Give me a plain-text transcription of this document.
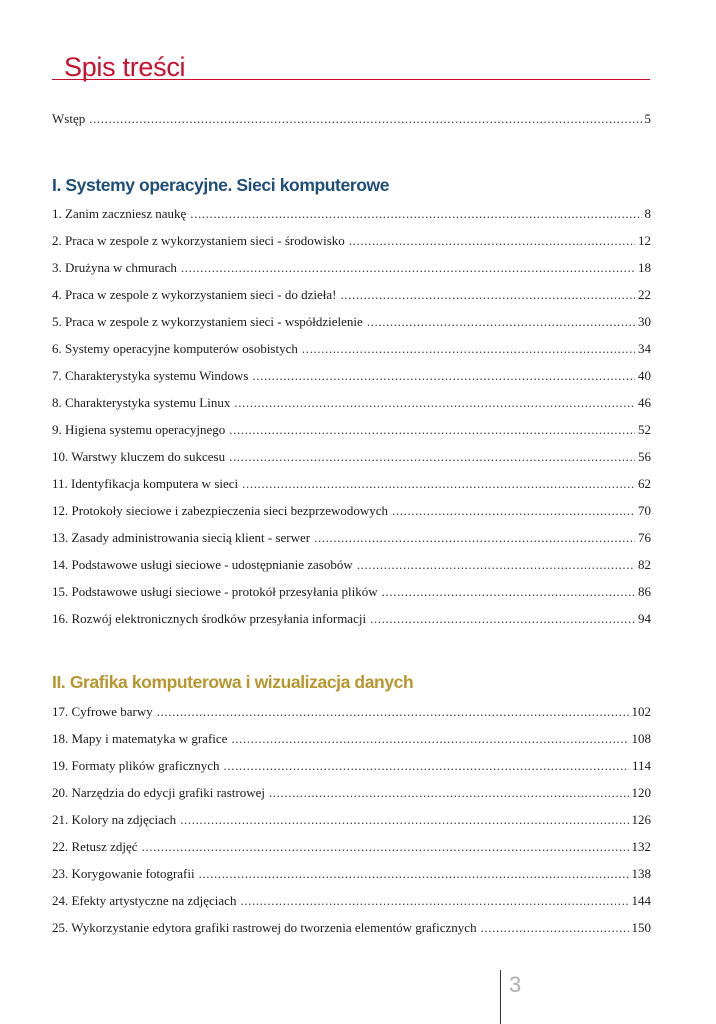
Spis treści
Wstęp .....	5
I. Systemy operacyjne. Sieci komputerowe
1. Zanim zaczniesz naukę .....	8
2. Praca w zespole z wykorzystaniem sieci - środowisko .....	12
3. Drużyna w chmurach .....	18
4. Praca w zespole z wykorzystaniem sieci - do dzieła! .....	22
5. Praca w zespole z wykorzystaniem sieci - współdzielenie .....	30
6. Systemy operacyjne komputerów osobistych .....	34
7. Charakterystyka systemu Windows .....	40
8. Charakterystyka systemu Linux .....	46
9. Higiena systemu operacyjnego .....	52
10. Warstwy kluczem do sukcesu .....	56
11. Identyfikacja komputera w sieci .....	62
12. Protokoły sieciowe i zabezpieczenia sieci bezprzewodowych .....	70
13. Zasady administrowania siecią klient - serwer .....	76
14. Podstawowe usługi sieciowe - udostępnianie zasobów .....	82
15. Podstawowe usługi sieciowe - protokół przesyłania plików .....	86
16. Rozwój elektronicznych środków przesyłania informacji .....	94
II. Grafika komputerowa i wizualizacja danych
17. Cyfrowe barwy .....	102
18. Mapy i matematyka w grafice .....	108
19. Formaty plików graficznych .....	114
20. Narzędzia do edycji grafiki rastrowej .....	120
21. Kolory na zdjęciach .....	126
22. Retusz zdjęć .....	132
23. Korygowanie fotografii .....	138
24. Efekty artystyczne na zdjęciach .....	144
25. Wykorzystanie edytora grafiki rastrowej do tworzenia elementów graficznych .....	150
3
